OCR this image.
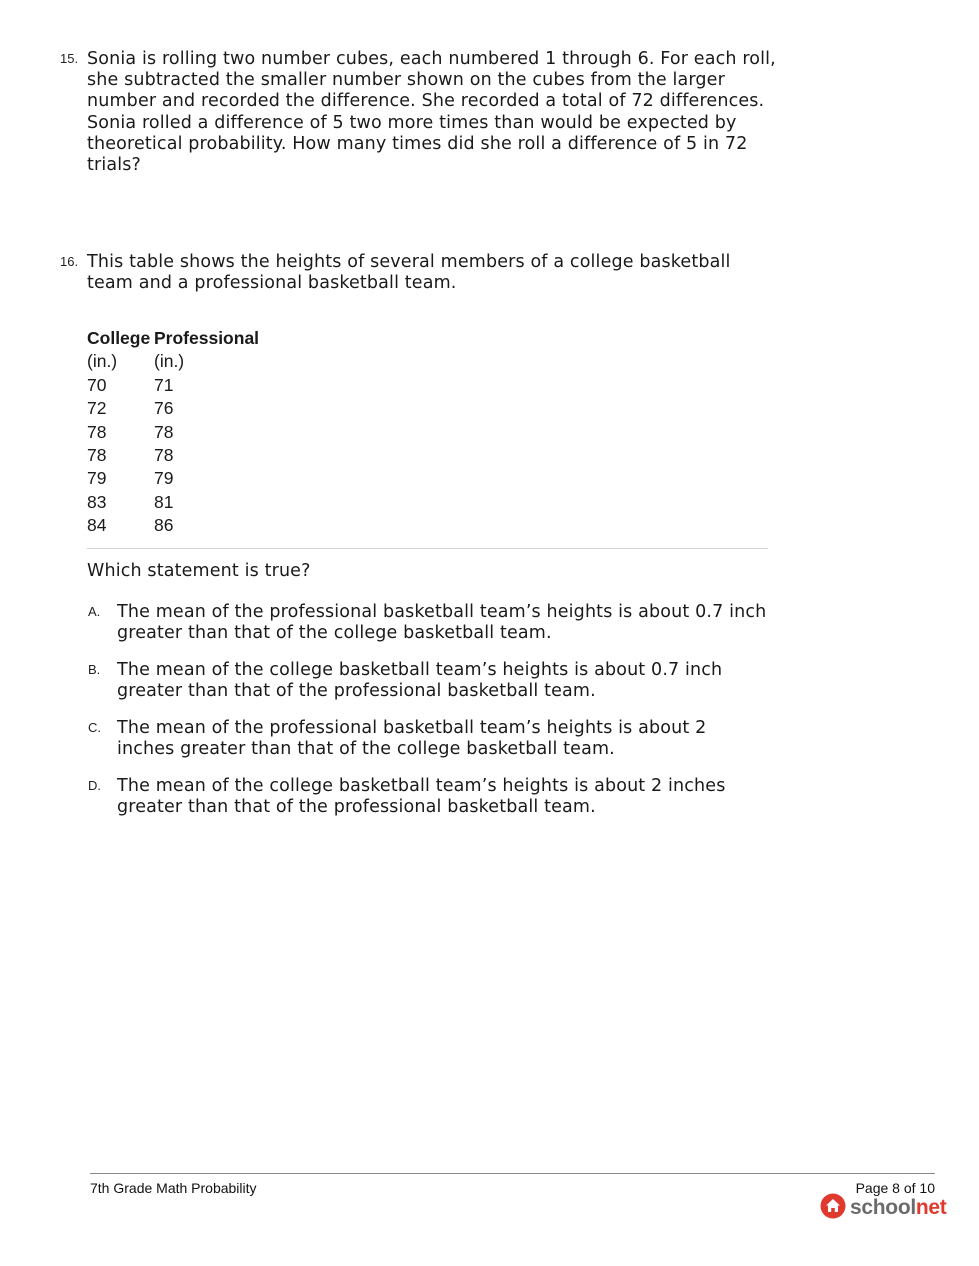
15. Sonia is rolling two number cubes, each numbered 1 through 6. For each roll, she subtracted the smaller number shown on the cubes from the larger number and recorded the difference. She recorded a total of 72 differences. Sonia rolled a difference of 5 two more times than would be expected by theoretical probability. How many times did she roll a difference of 5 in 72 trials?
16. This table shows the heights of several members of a college basketball team and a professional basketball team.
College	Professional
(in.)	(in.)
70	71
72	76
78	78
78	78
79	79
83	81
84	86
Which statement is true?
A. The mean of the professional basketball team’s heights is about 0.7 inch greater than that of the college basketball team.
B. The mean of the college basketball team’s heights is about 0.7 inch greater than that of the professional basketball team.
C. The mean of the professional basketball team’s heights is about 2 inches greater than that of the college basketball team.
D. The mean of the college basketball team’s heights is about 2 inches greater than that of the professional basketball team.
7th Grade Math Probability	Page 8 of 10
schoolnet
